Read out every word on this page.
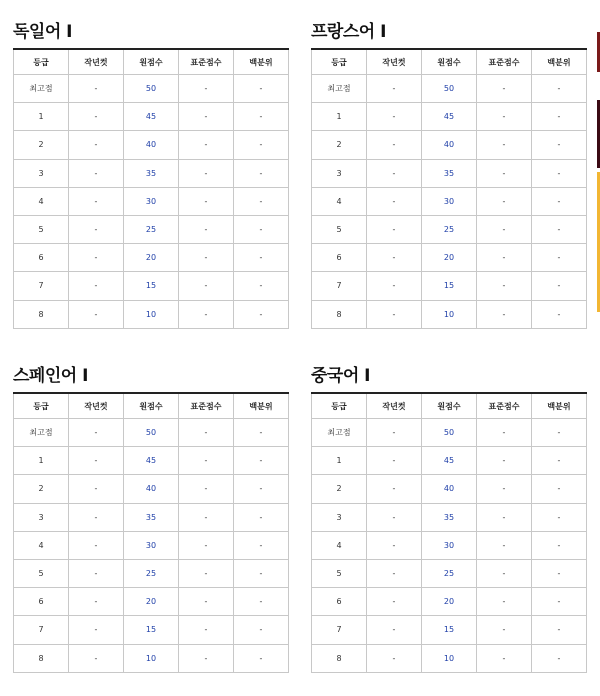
독일어 I
등급	작년컷	원점수	표준점수	백분위
최고점	-	50	-	-
1	-	45	-	-
2	-	40	-	-
3	-	35	-	-
4	-	30	-	-
5	-	25	-	-
6	-	20	-	-
7	-	15	-	-
8	-	10	-	-
프랑스어 I
등급	작년컷	원점수	표준점수	백분위
최고점	-	50	-	-
1	-	45	-	-
2	-	40	-	-
3	-	35	-	-
4	-	30	-	-
5	-	25	-	-
6	-	20	-	-
7	-	15	-	-
8	-	10	-	-
스페인어 I
등급	작년컷	원점수	표준점수	백분위
최고점	-	50	-	-
1	-	45	-	-
2	-	40	-	-
3	-	35	-	-
4	-	30	-	-
5	-	25	-	-
6	-	20	-	-
7	-	15	-	-
8	-	10	-	-
중국어 I
등급	작년컷	원점수	표준점수	백분위
최고점	-	50	-	-
1	-	45	-	-
2	-	40	-	-
3	-	35	-	-
4	-	30	-	-
5	-	25	-	-
6	-	20	-	-
7	-	15	-	-
8	-	10	-	-
